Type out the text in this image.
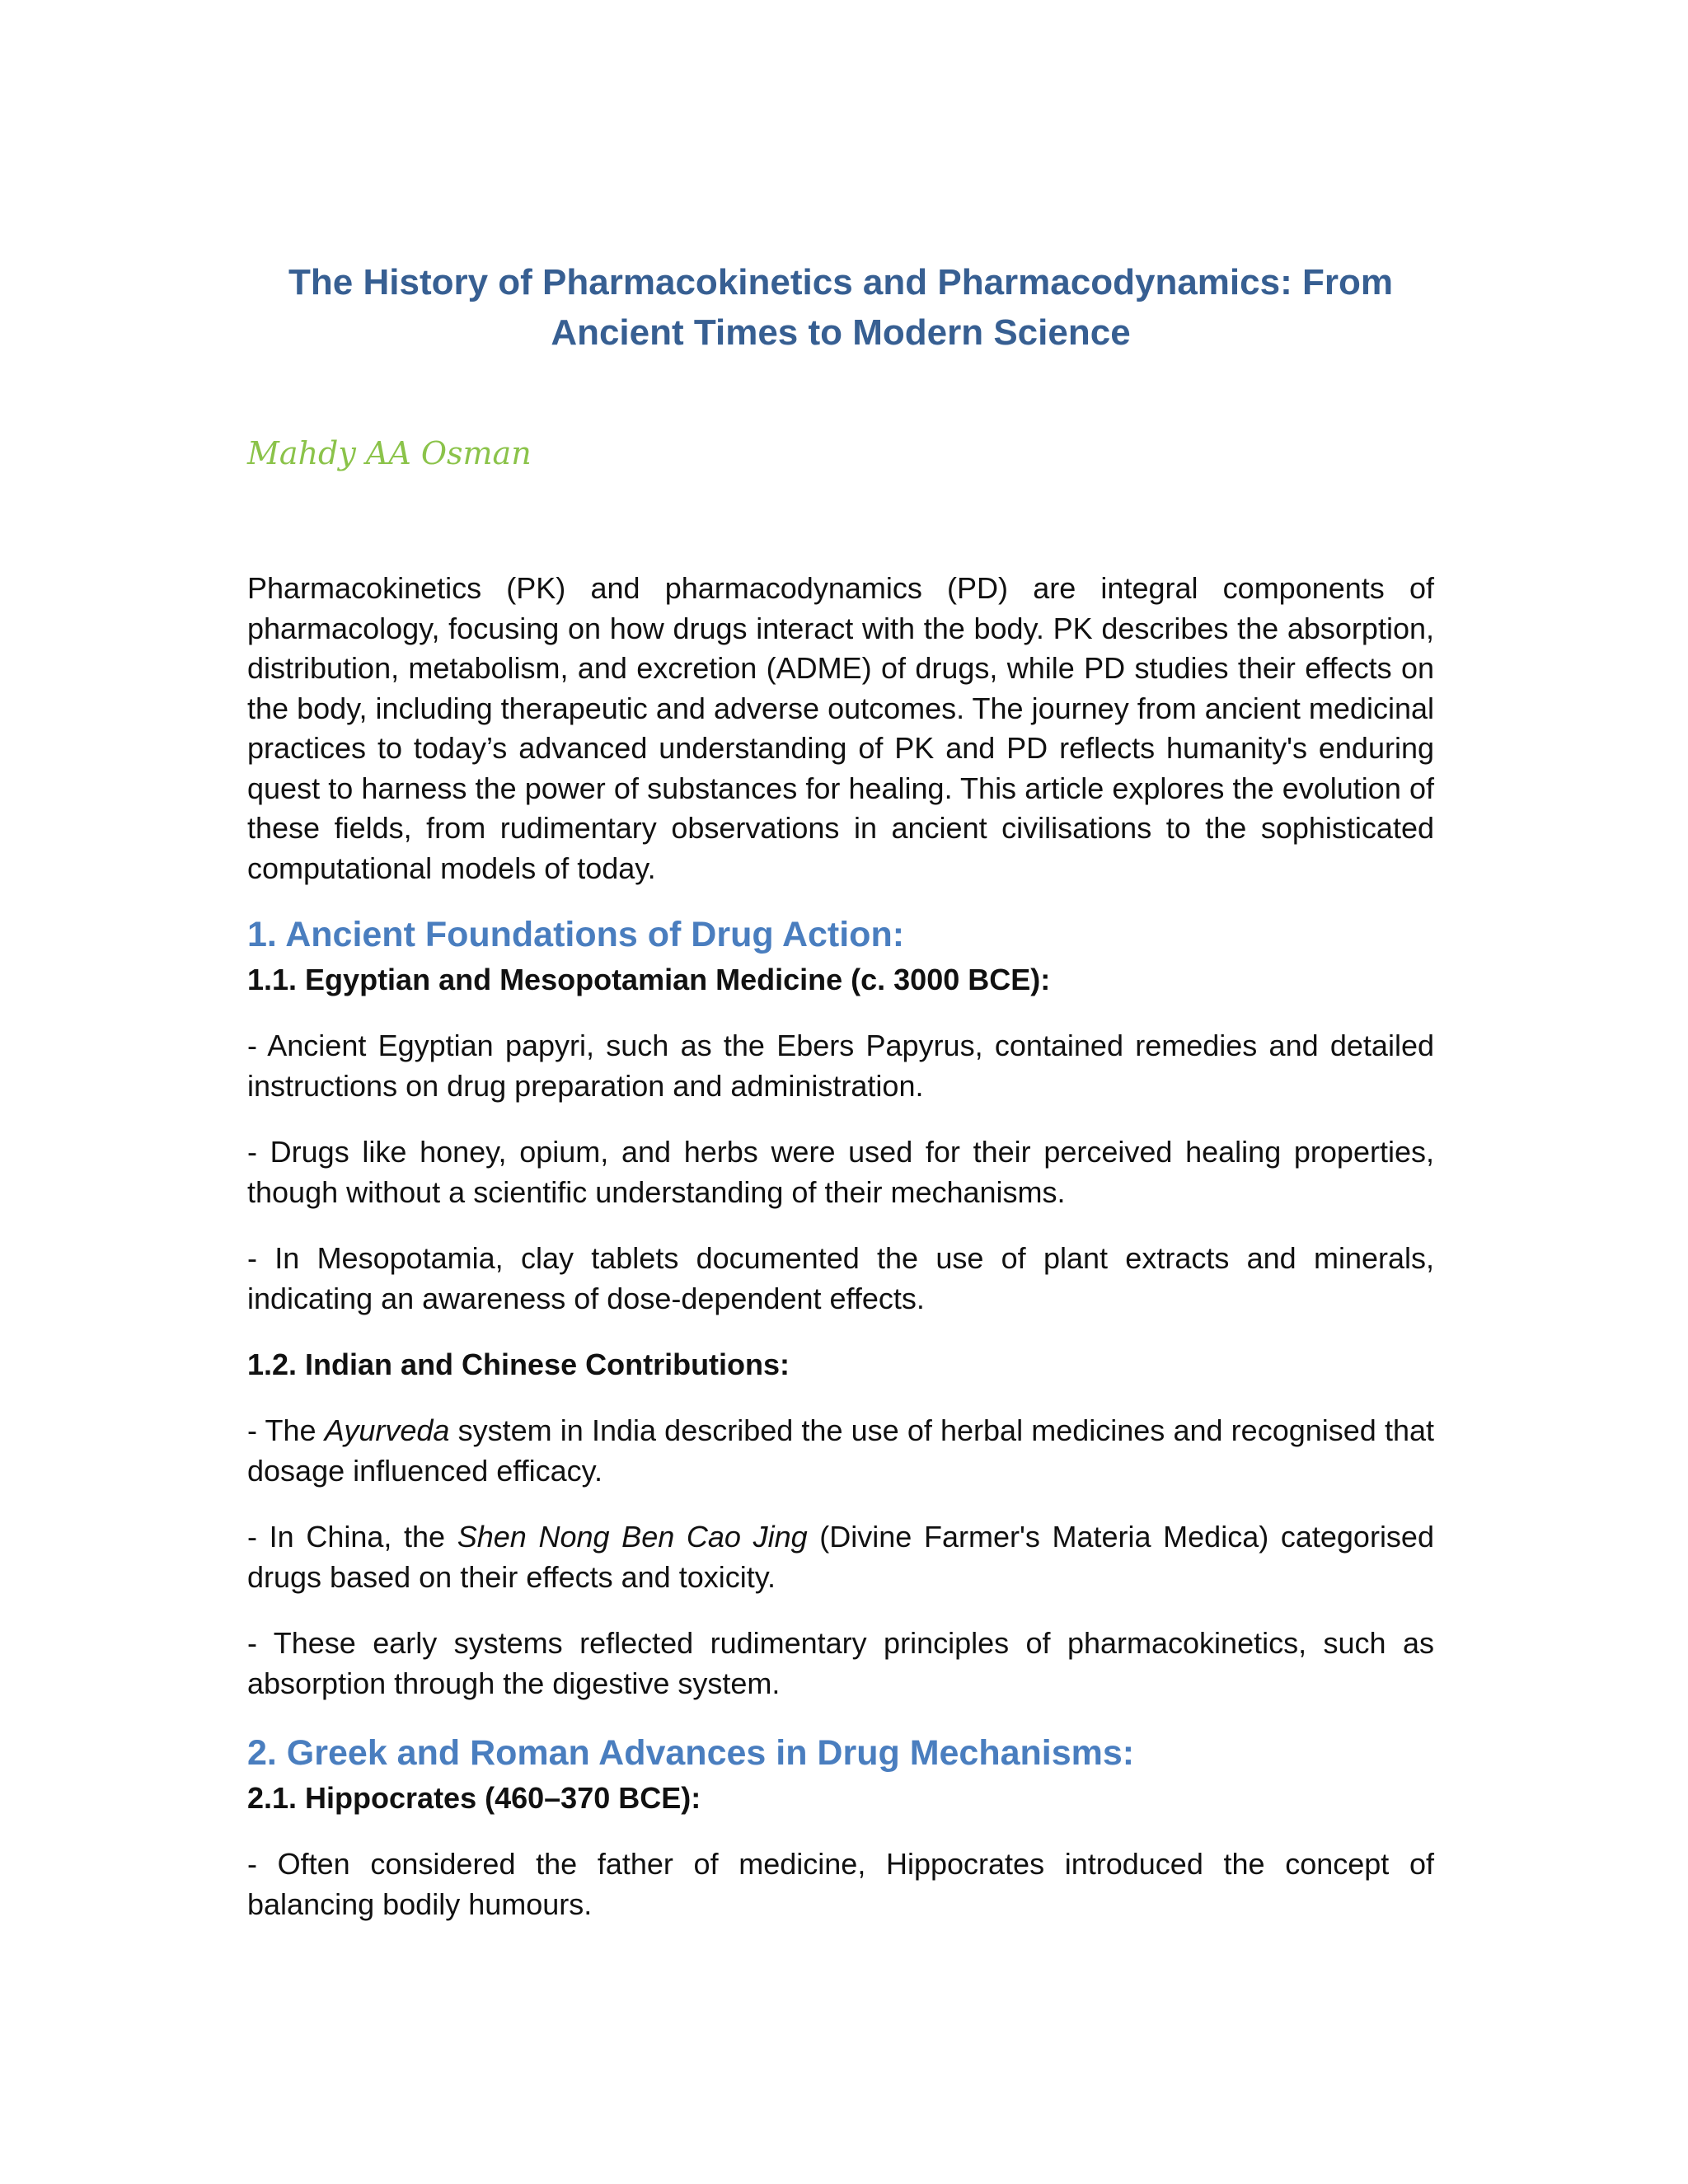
The History of Pharmacokinetics and Pharmacodynamics: From Ancient Times to Modern Science

Mahdy AA Osman

Pharmacokinetics (PK) and pharmacodynamics (PD) are integral components of pharmacology, focusing on how drugs interact with the body. PK describes the absorption, distribution, metabolism, and excretion (ADME) of drugs, while PD studies their effects on the body, including therapeutic and adverse outcomes. The journey from ancient medicinal practices to today’s advanced understanding of PK and PD reflects humanity's enduring quest to harness the power of substances for healing. This article explores the evolution of these fields, from rudimentary observations in ancient civilisations to the sophisticated computational models of today.

1. Ancient Foundations of Drug Action:
1.1. Egyptian and Mesopotamian Medicine (c. 3000 BCE):

- Ancient Egyptian papyri, such as the Ebers Papyrus, contained remedies and detailed instructions on drug preparation and administration.

- Drugs like honey, opium, and herbs were used for their perceived healing properties, though without a scientific understanding of their mechanisms.

- In Mesopotamia, clay tablets documented the use of plant extracts and minerals, indicating an awareness of dose-dependent effects.

1.2. Indian and Chinese Contributions:

- The Ayurveda system in India described the use of herbal medicines and recognised that dosage influenced efficacy.

- In China, the Shen Nong Ben Cao Jing (Divine Farmer's Materia Medica) categorised drugs based on their effects and toxicity.

- These early systems reflected rudimentary principles of pharmacokinetics, such as absorption through the digestive system.

2. Greek and Roman Advances in Drug Mechanisms:
2.1. Hippocrates (460–370 BCE):

- Often considered the father of medicine, Hippocrates introduced the concept of balancing bodily humours.
